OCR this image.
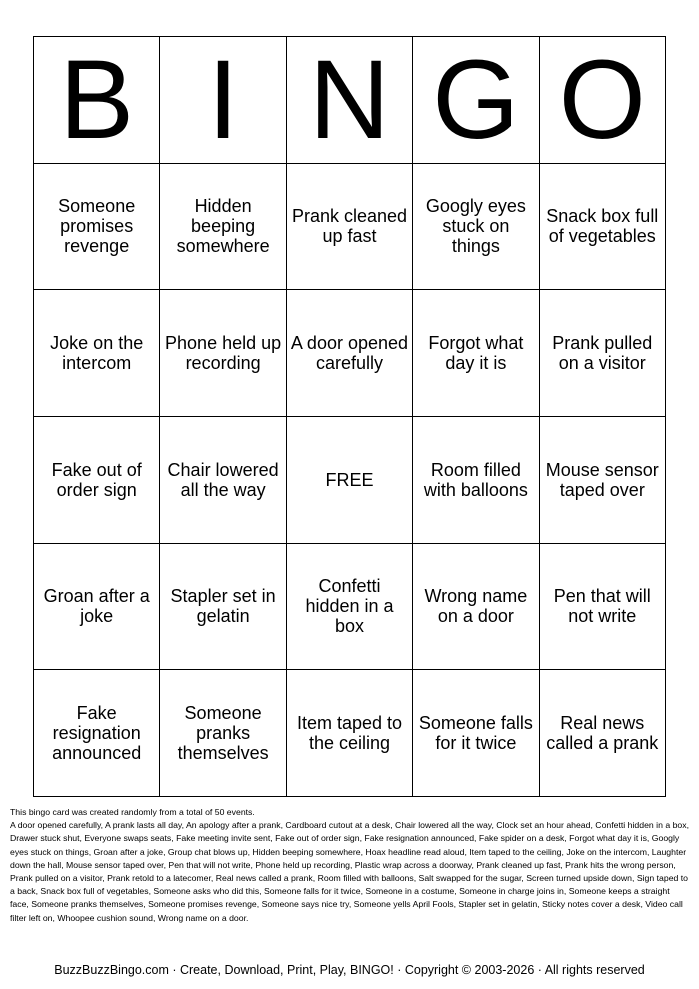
B	I	N	G	O
Someone promises revenge	Hidden beeping somewhere	Prank cleaned up fast	Googly eyes stuck on things	Snack box full of vegetables
Joke on the intercom	Phone held up recording	A door opened carefully	Forgot what day it is	Prank pulled on a visitor
Fake out of order sign	Chair lowered all the way	FREE	Room filled with balloons	Mouse sensor taped over
Groan after a joke	Stapler set in gelatin	Confetti hidden in a box	Wrong name on a door	Pen that will not write
Fake resignation announced	Someone pranks themselves	Item taped to the ceiling	Someone falls for it twice	Real news called a prank

This bingo card was created randomly from a total of 50 events.

A door opened carefully, A prank lasts all day, An apology after a prank, Cardboard cutout at a desk, Chair lowered all the way, Clock set an hour ahead, Confetti hidden in a box, Drawer stuck shut, Everyone swaps seats, Fake meeting invite sent, Fake out of order sign, Fake resignation announced, Fake spider on a desk, Forgot what day it is, Googly eyes stuck on things, Groan after a joke, Group chat blows up, Hidden beeping somewhere, Hoax headline read aloud, Item taped to the ceiling, Joke on the intercom, Laughter down the hall, Mouse sensor taped over, Pen that will not write, Phone held up recording, Plastic wrap across a doorway, Prank cleaned up fast, Prank hits the wrong person, Prank pulled on a visitor, Prank retold to a latecomer, Real news called a prank, Room filled with balloons, Salt swapped for the sugar, Screen turned upside down, Sign taped to a back, Snack box full of vegetables, Someone asks who did this, Someone falls for it twice, Someone in a costume, Someone in charge joins in, Someone keeps a straight face, Someone pranks themselves, Someone promises revenge, Someone says nice try, Someone yells April Fools, Stapler set in gelatin, Sticky notes cover a desk, Video call filter left on, Whoopee cushion sound, Wrong name on a door.

BuzzBuzzBingo.com · Create, Download, Print, Play, BINGO! · Copyright © 2003-2026 · All rights reserved
